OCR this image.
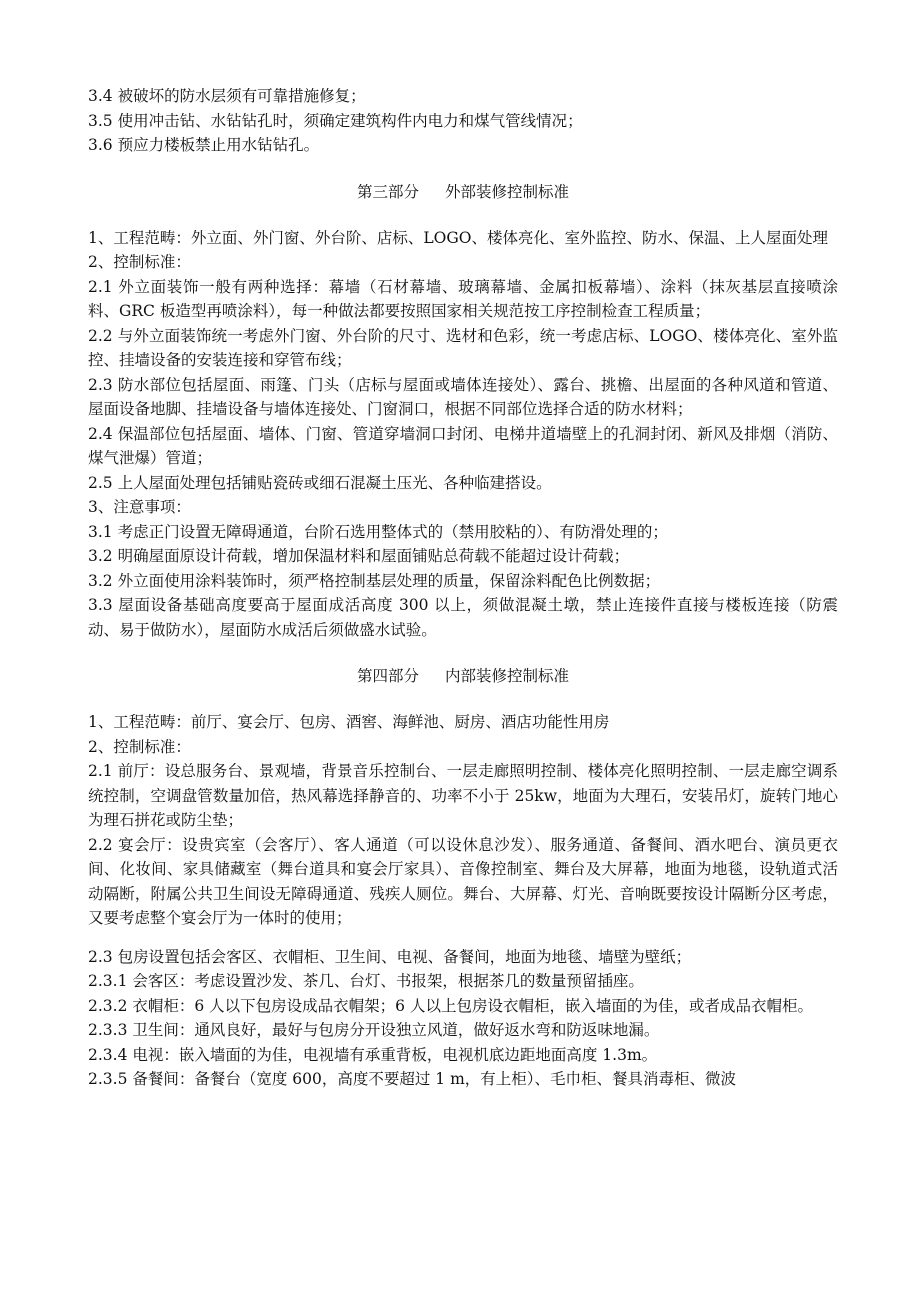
3.4 被破坏的防水层须有可靠措施修复；

3.5 使用冲击钻、水钻钻孔时，须确定建筑构件内电力和煤气管线情况；

3.6 预应力楼板禁止用水钻钻孔。

第三部分 外部装修控制标准

1、工程范畴：外立面、外门窗、外台阶、店标、LOGO、楼体亮化、室外监控、防水、保温、上人屋面处理

2、控制标准：

2.1 外立面装饰一般有两种选择：幕墙（石材幕墙、玻璃幕墙、金属扣板幕墙）、涂料（抹灰基层直接喷涂料、GRC 板造型再喷涂料），每一种做法都要按照国家相关规范按工序控制检查工程质量；

2.2 与外立面装饰统一考虑外门窗、外台阶的尺寸、选材和色彩，统一考虑店标、LOGO、楼体亮化、室外监控、挂墙设备的安装连接和穿管布线；

2.3 防水部位包括屋面、雨篷、门头（店标与屋面或墙体连接处）、露台、挑檐、出屋面的各种风道和管道、屋面设备地脚、挂墙设备与墙体连接处、门窗洞口，根据不同部位选择合适的防水材料；

2.4 保温部位包括屋面、墙体、门窗、管道穿墙洞口封闭、电梯井道墙壁上的孔洞封闭、新风及排烟（消防、煤气泄爆）管道；

2.5 上人屋面处理包括铺贴瓷砖或细石混凝土压光、各种临建搭设。

3、注意事项：

3.1 考虑正门设置无障碍通道，台阶石选用整体式的（禁用胶粘的）、有防滑处理的；

3.2 明确屋面原设计荷载，增加保温材料和屋面铺贴总荷载不能超过设计荷载；

3.2 外立面使用涂料装饰时，须严格控制基层处理的质量，保留涂料配色比例数据；

3.3 屋面设备基础高度要高于屋面成活高度 300 以上，须做混凝土墩，禁止连接件直接与楼板连接（防震动、易于做防水），屋面防水成活后须做盛水试验。

第四部分 内部装修控制标准

1、工程范畴：前厅、宴会厅、包房、酒窖、海鲜池、厨房、酒店功能性用房

2、控制标准：

2.1 前厅：设总服务台、景观墙，背景音乐控制台、一层走廊照明控制、楼体亮化照明控制、一层走廊空调系统控制，空调盘管数量加倍，热风幕选择静音的、功率不小于 25kw，地面为大理石，安装吊灯，旋转门地心为理石拼花或防尘垫；

2.2 宴会厅：设贵宾室（会客厅）、客人通道（可以设休息沙发）、服务通道、备餐间、酒水吧台、演员更衣间、化妆间、家具储藏室（舞台道具和宴会厅家具）、音像控制室、舞台及大屏幕，地面为地毯，设轨道式活动隔断，附属公共卫生间设无障碍通道、残疾人厕位。舞台、大屏幕、灯光、音响既要按设计隔断分区考虑，又要考虑整个宴会厅为一体时的使用；

2.3 包房设置包括会客区、衣帽柜、卫生间、电视、备餐间，地面为地毯、墙壁为壁纸；

2.3.1 会客区：考虑设置沙发、茶几、台灯、书报架，根据茶几的数量预留插座。

2.3.2 衣帽柜：6 人以下包房设成品衣帽架；6 人以上包房设衣帽柜，嵌入墙面的为佳，或者成品衣帽柜。

2.3.3 卫生间：通风良好，最好与包房分开设独立风道，做好返水弯和防返味地漏。

2.3.4 电视：嵌入墙面的为佳，电视墙有承重背板，电视机底边距地面高度 1.3m。

2.3.5 备餐间：备餐台（宽度 600，高度不要超过 1 m，有上柜）、毛巾柜、餐具消毒柜、微波
